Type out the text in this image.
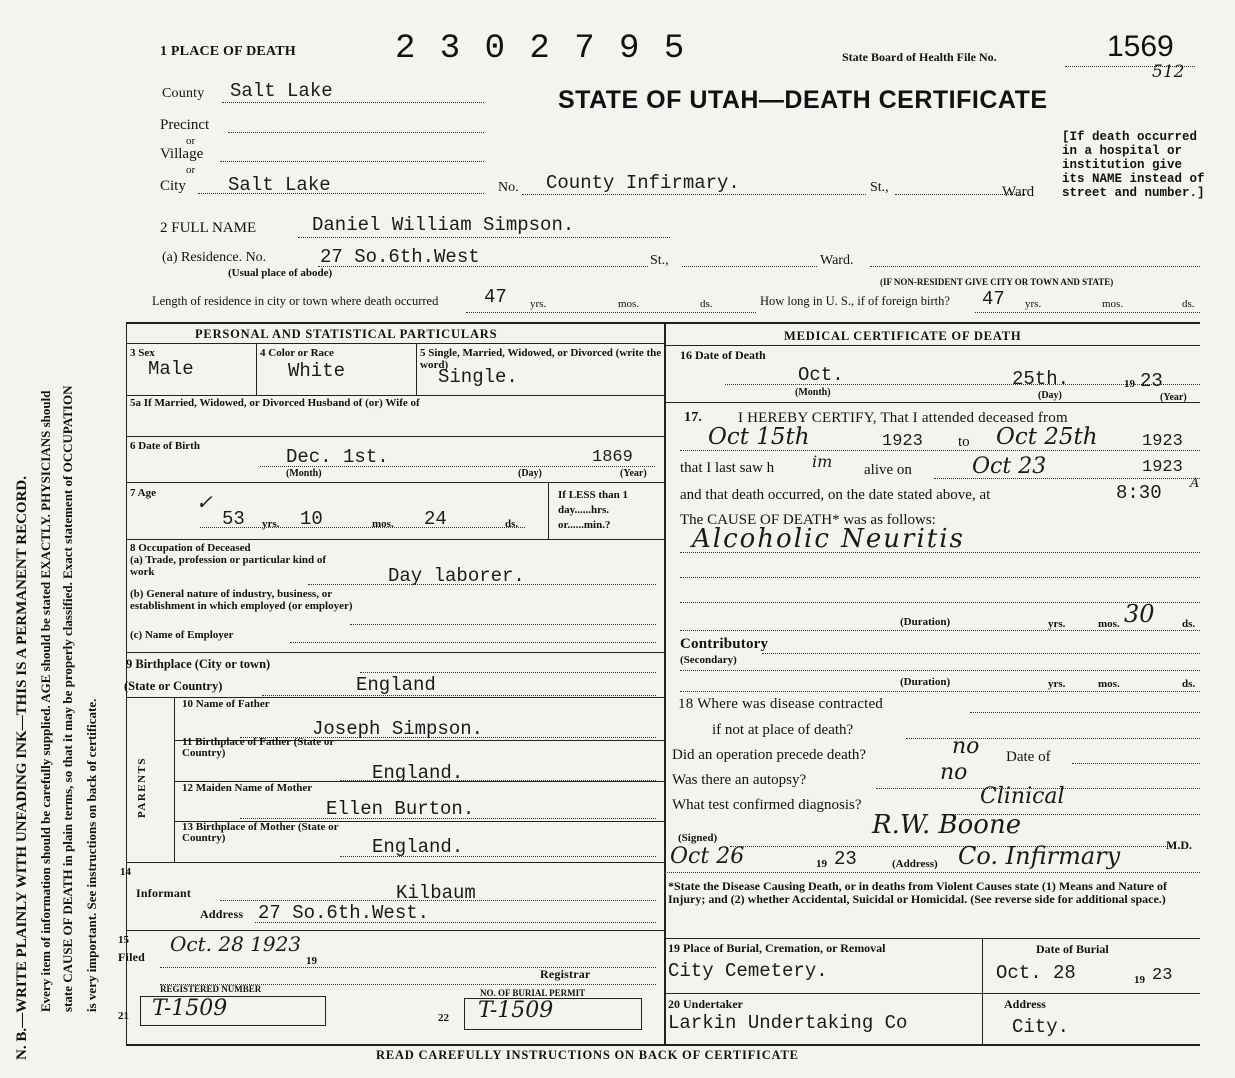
N. B.—WRITE PLAINLY WITH UNFADING INK—THIS IS A PERMANENT RECORD. Every item of information should be carefully supplied. AGE should be stated EXACTLY. PHYSICIANS should state CAUSE OF DEATH in plain terms, so that it may be properly classified. Exact statement of OCCUPATION is very important. See instructions on back of certificate.
1 PLACE OF DEATH	2 3 0 2 7 9 5	State Board of Health File No.	1569
512
STATE OF UTAH—DEATH CERTIFICATE
County Salt Lake
Precinct
or
Village
or
City Salt Lake	No. County Infirmary.	St.,	Ward
[If death occurred in a hospital or institution give its NAME instead of street and number.]
2 FULL NAME	Daniel William Simpson.
(a) Residence. No.	27 So.6th.West
(Usual place of abode)
St.,	Ward.
(IF NON-RESIDENT GIVE CITY OR TOWN AND STATE)
Length of residence in city or town where death occurred 47 yrs.	mos.	ds.	How long in U. S., if of foreign birth? 47 yrs.	mos.	ds.
PERSONAL AND STATISTICAL PARTICULARS
3 Sex
Male
4 Color or Race
White
5 Single, Married, Widowed, or Divorced (write the word)
Single.
5a If Married, Widowed, or Divorced Husband of (or) Wife of
6 Date of Birth	Dec. 1st.	1869
(Month)	(Day)	(Year)
7 Age ✓
53 yrs. 10	mos. 24	ds.
If LESS than 1 day......hrs. or......min.?
8 Occupation of Deceased
(a) Trade, profession or particular kind of work	Day laborer.
(b) General nature of industry, business, or establishment in which employed (or employer)
(c) Name of Employer
9 Birthplace (City or town)
(State or Country)	England
PARENTS
10 Name of Father
Joseph Simpson.
11 Birthplace of Father (State or Country)
England.
12 Maiden Name of Mother
Ellen Burton.
13 Birthplace of Mother (State or Country)	England.
14
Informant	Kilbaum
Address 27 So.6th.West.
15
Filed
Oct. 28 1923
19
Registrar
REGISTERED NUMBER
21 T-1509
NO. OF BURIAL PERMIT
22 T-1509
MEDICAL CERTIFICATE OF DEATH
16 Date of Death
Oct.	25th.	19 23
(Month)	(Day)	(Year)
17. I HEREBY CERTIFY, That I attended deceased from
Oct 15th	1923 to Oct 25th	1923
that I last saw h im alive on	Oct 23	1923
and that death occurred, on the date stated above, at	8:30 A
The CAUSE OF DEATH* was as follows:
Alcoholic Neuritis
(Duration)	yrs.	mos.	ds.
30
Contributory
(Secondary)
(Duration)	yrs.	mos.	ds.
18 Where was disease contracted
if not at place of death?
Did an operation precede death?	no Date of
Was there an autopsy?	no
What test confirmed diagnosis?	Clinical
(Signed)	R.W. Boone
M.D.
Oct 26	19 23	(Address) Co. Infirmary
*State the Disease Causing Death, or in deaths from Violent Causes state (1) Means and Nature of Injury; and (2) whether Accidental, Suicidal or Homicidal. (See reverse side for additional space.)
19 Place of Burial, Cremation, or Removal
City Cemetery.
Date of Burial
Oct. 28	19 23
20 Undertaker
Larkin Undertaking Co
Address
City.
READ CAREFULLY INSTRUCTIONS ON BACK OF CERTIFICATE
